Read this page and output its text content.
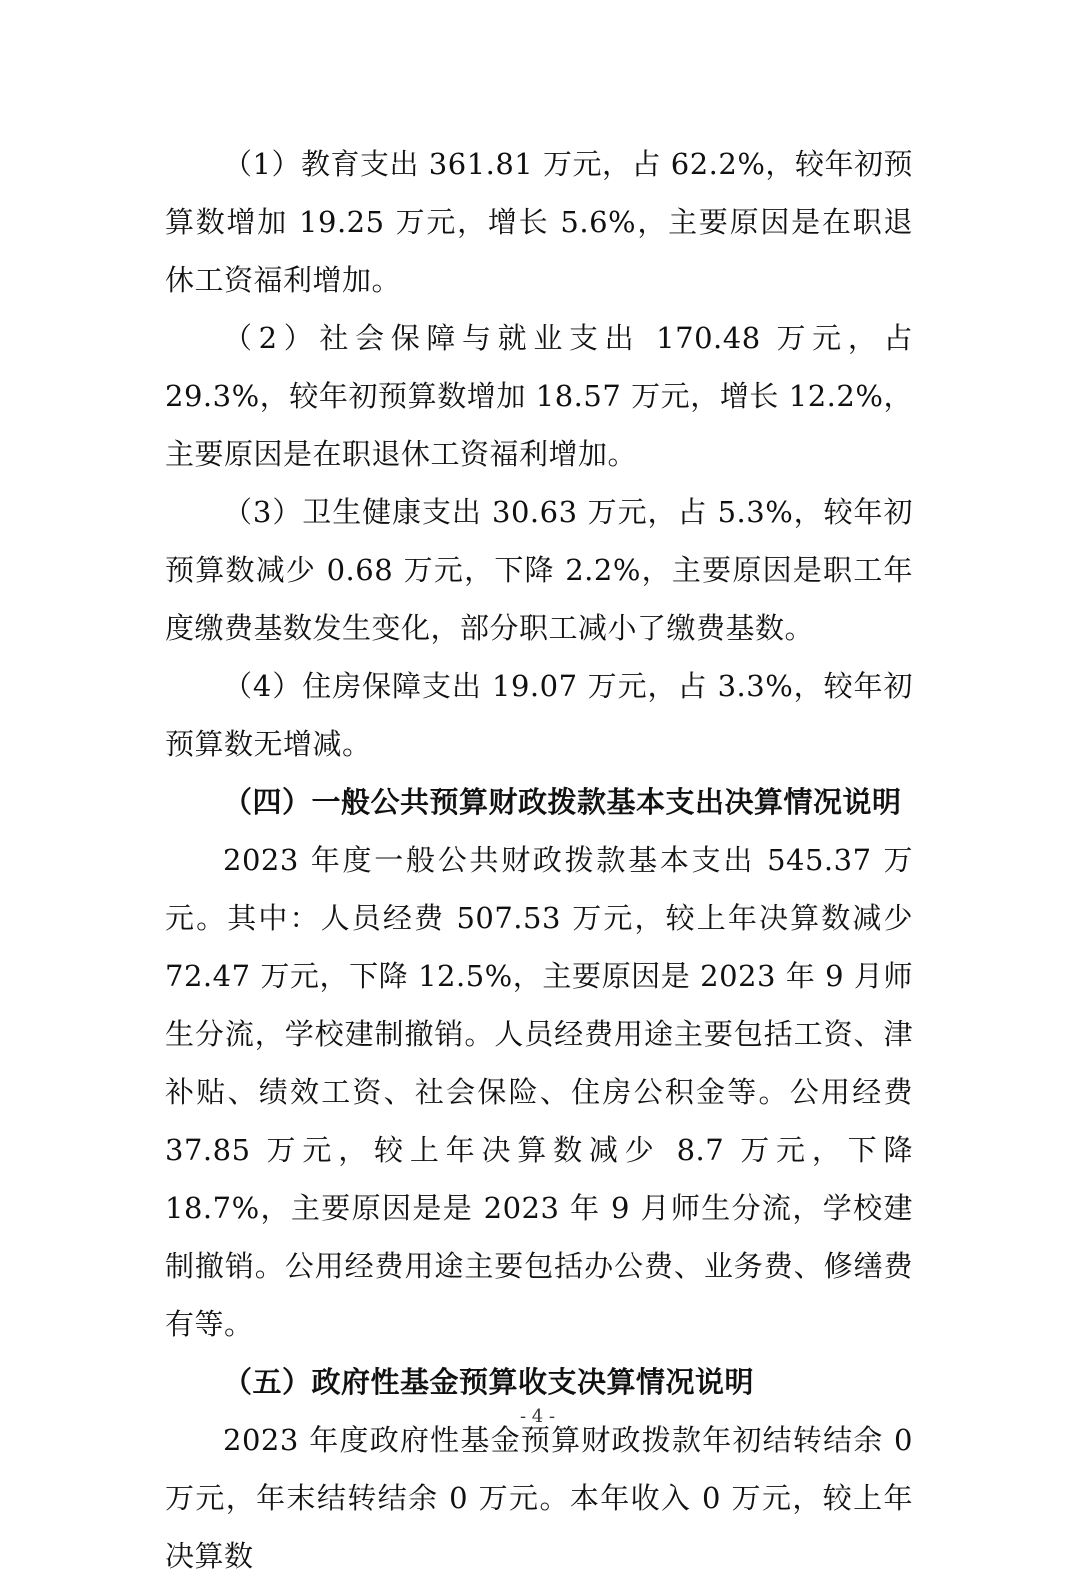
（1）教育支出 361.81 万元，占 62.2%，较年初预算数增加 19.25 万元，增长 5.6%，主要原因是在职退休工资福利增加。

（2）社会保障与就业支出 170.48 万元，占 29.3%，较年初预算数增加 18.57 万元，增长 12.2%，主要原因是在职退休工资福利增加。

（3）卫生健康支出 30.63 万元，占 5.3%，较年初预算数减少 0.68 万元，下降 2.2%，主要原因是职工年度缴费基数发生变化，部分职工减小了缴费基数。

（4）住房保障支出 19.07 万元，占 3.3%，较年初预算数无增减。

（四）一般公共预算财政拨款基本支出决算情况说明

2023 年度一般公共财政拨款基本支出 545.37 万元。其中：人员经费 507.53 万元，较上年决算数减少 72.47 万元，下降 12.5%，主要原因是 2023 年 9 月师生分流，学校建制撤销。人员经费用途主要包括工资、津补贴、绩效工资、社会保险、住房公积金等。公用经费 37.85 万元，较上年决算数减少 8.7 万元，下降 18.7%，主要原因是是 2023 年 9 月师生分流，学校建制撤销。公用经费用途主要包括办公费、业务费、修缮费有等。

（五）政府性基金预算收支决算情况说明

2023 年度政府性基金预算财政拨款年初结转结余 0 万元，年末结转结余 0 万元。本年收入 0 万元，较上年决算数

- 4 -
